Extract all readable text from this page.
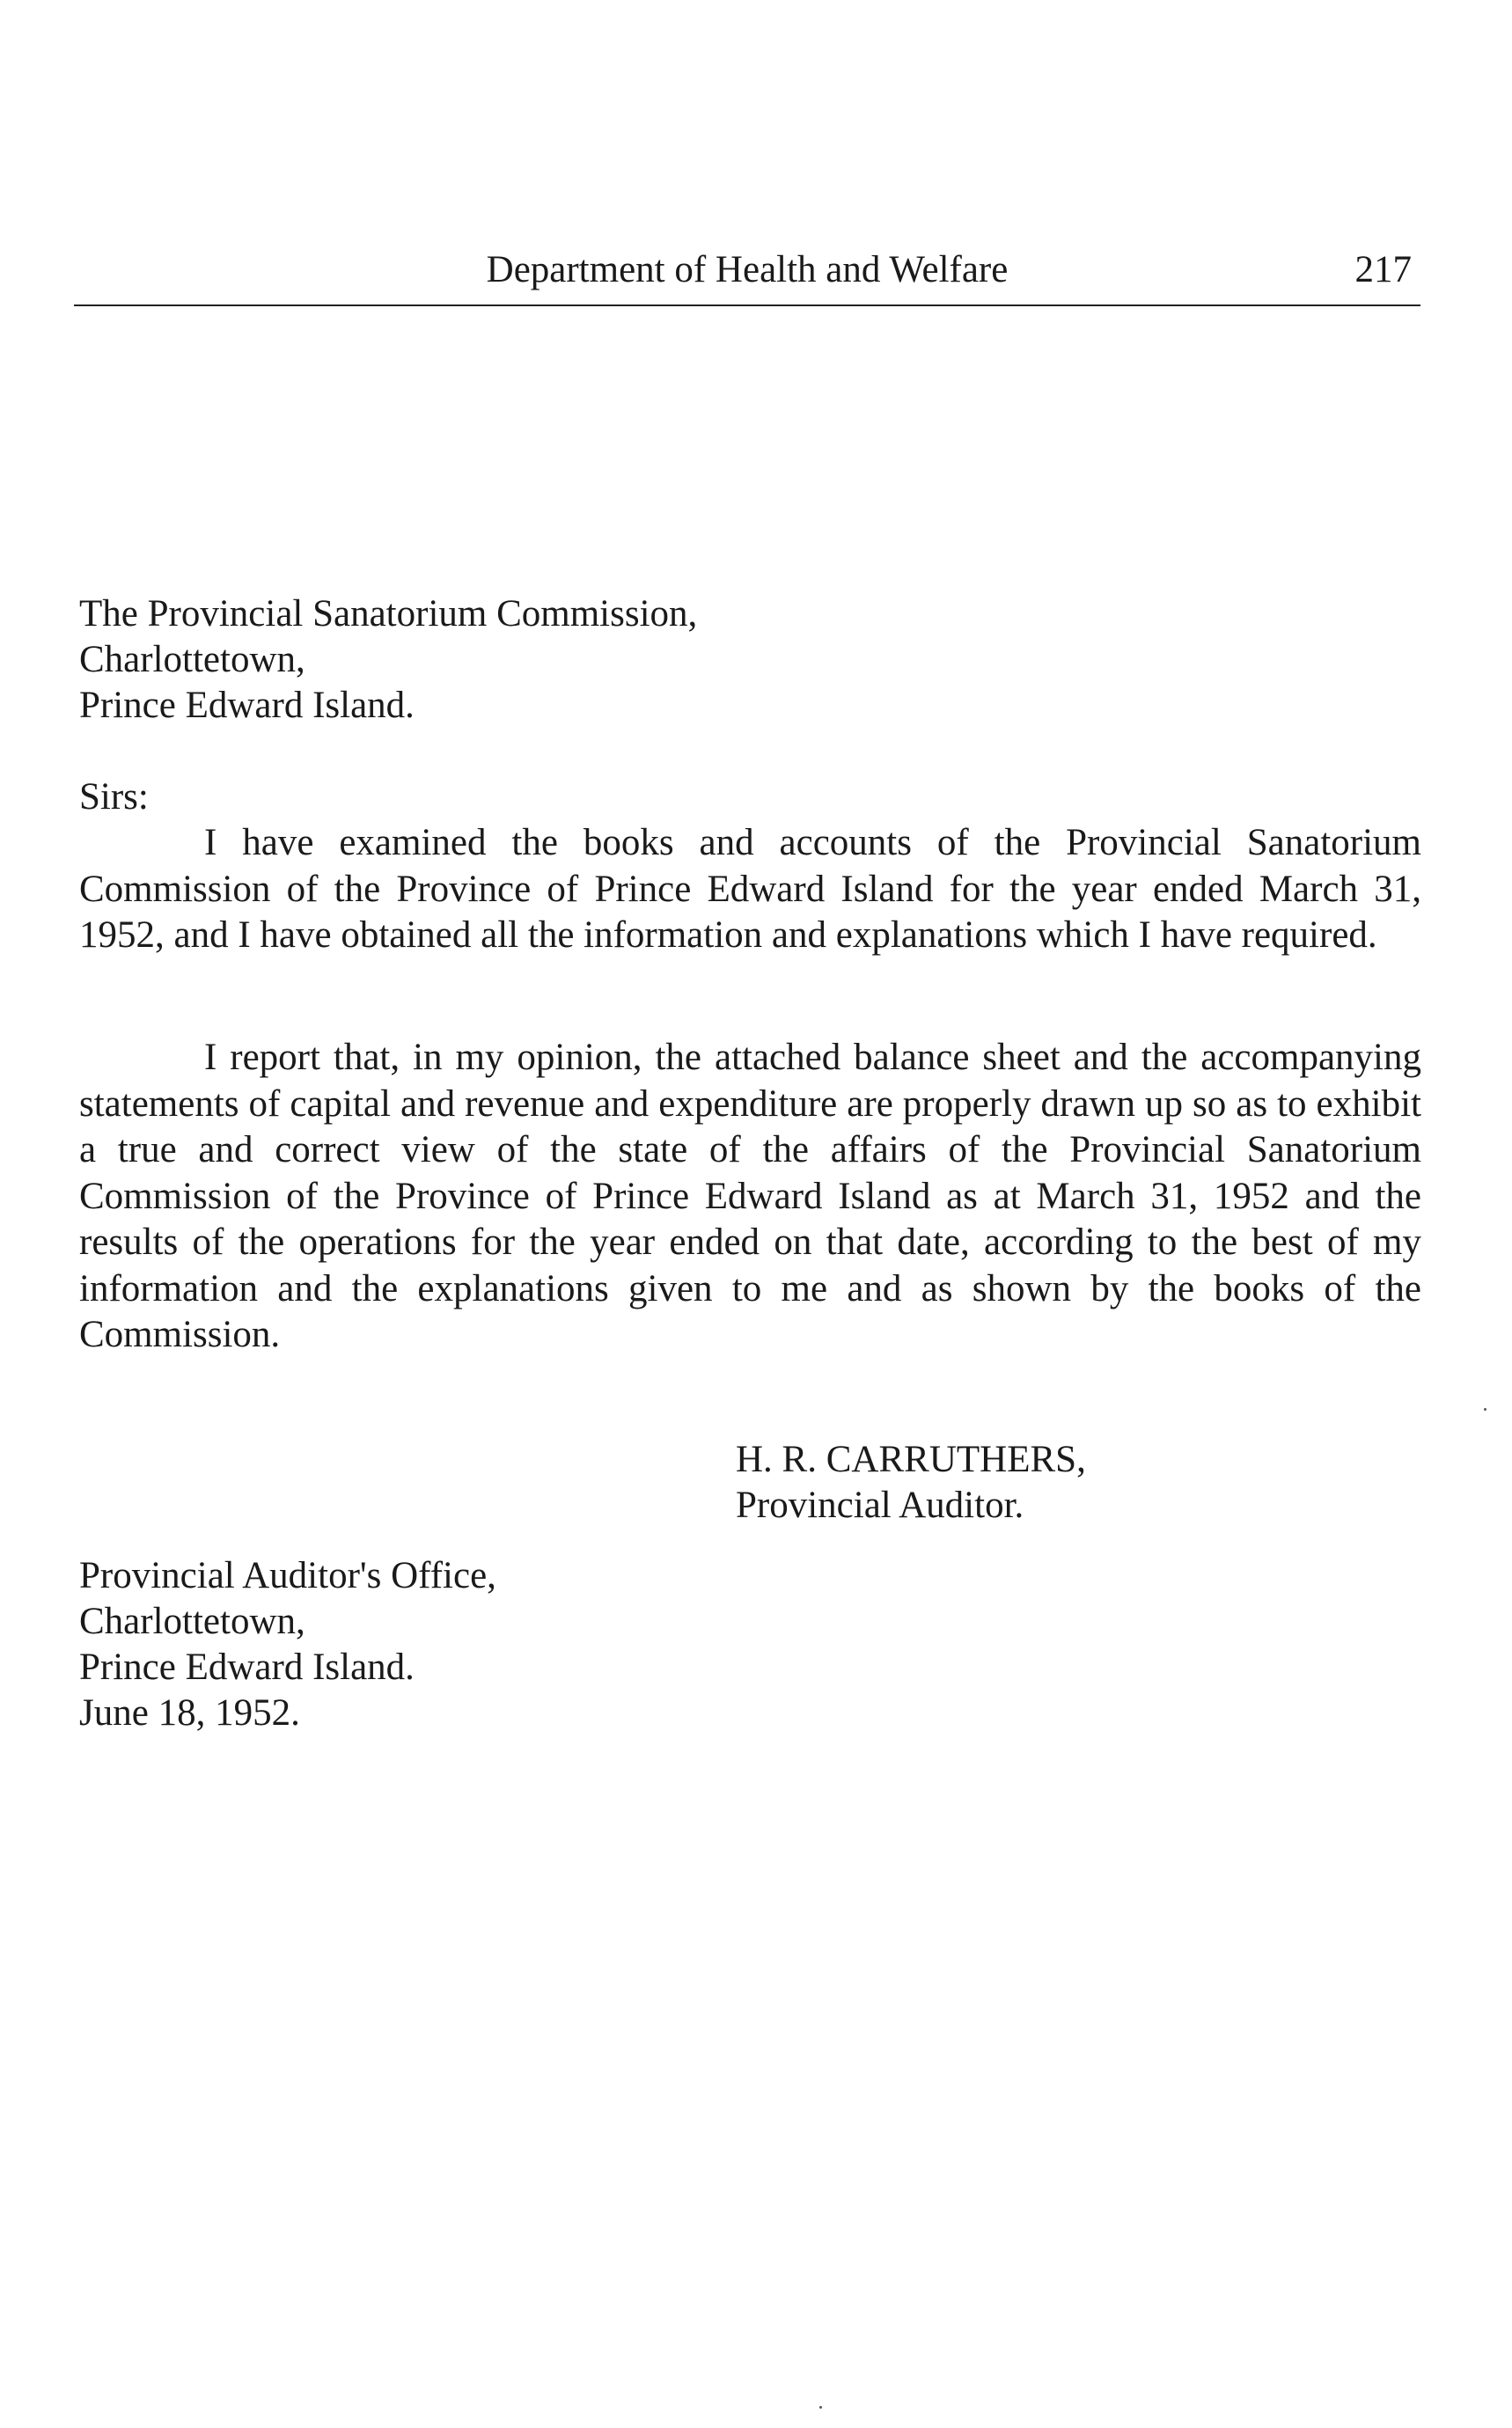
Department of Health and Welfare	217
The Provincial Sanatorium Commission,
Charlottetown,
Prince Edward Island.
Sirs:

I have examined the books and accounts of the Provincial Sanatorium Commission of the Province of Prince Edward Island for the year ended March 31, 1952, and I have obtained all the information and explanations which I have required.

I report that, in my opinion, the attached balance sheet and the accompanying statements of capital and revenue and expenditure are properly drawn up so as to exhibit a true and correct view of the state of the affairs of the Provincial Sanatorium Commission of the Province of Prince Edward Island as at March 31, 1952 and the results of the operations for the year ended on that date, according to the best of my information and the explanations given to me and as shown by the books of the Commission.

H. R. CARRUTHERS,
Provincial Auditor.
Provincial Auditor's Office,
Charlottetown,
Prince Edward Island.
June 18, 1952.
